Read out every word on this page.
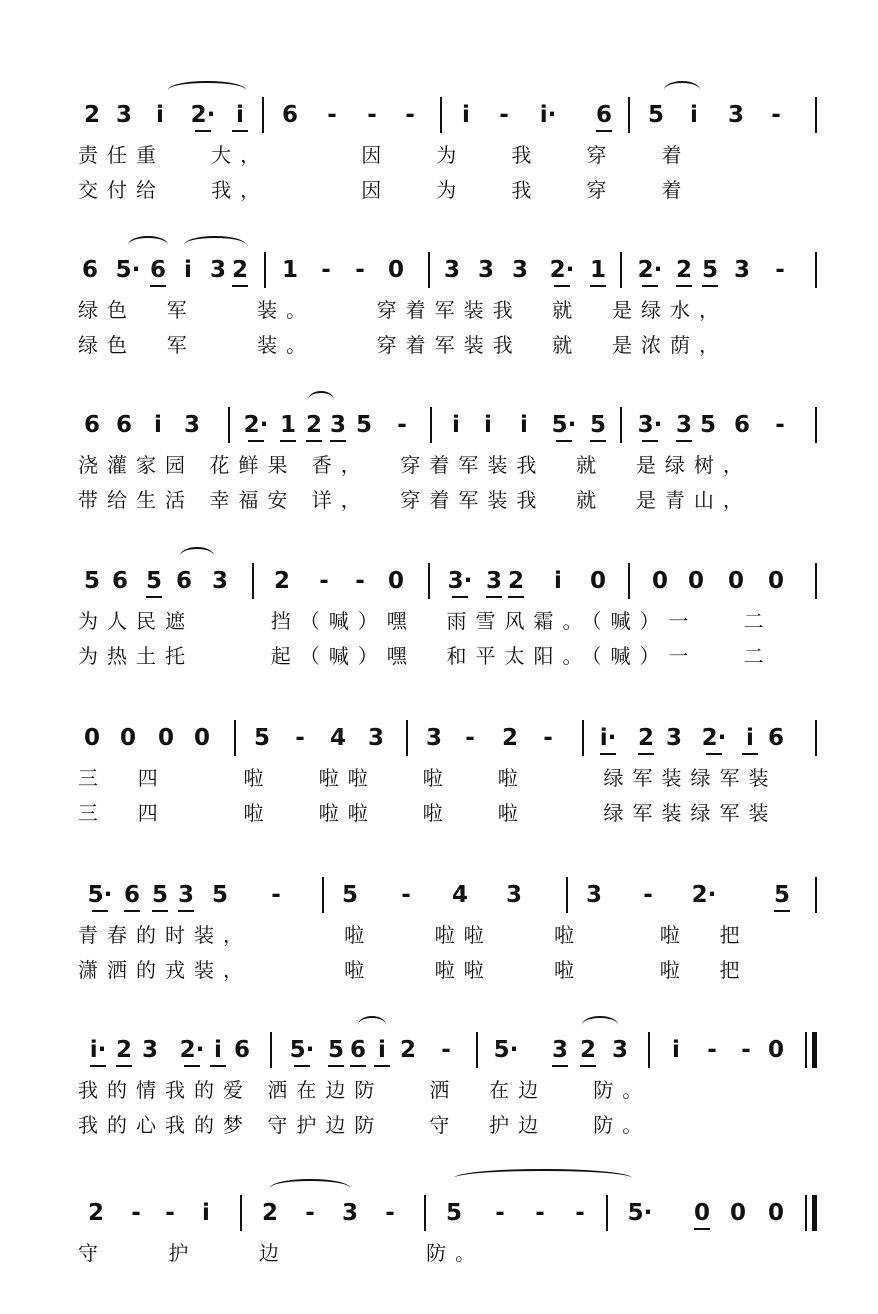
2 3	i	2· i	6	-	-	-	i	-	i·	6	5	i	3	-
责任重   大，      因   为   我   穿   着
交付给   我，      因   为   我   穿   着
6 5· 6 i 3 2	1	-	-	0	3 3 3 2· 1	2· 2 5 3	-
绿色  军    装。    穿着军装我  就  是绿水，
绿色  军    装。    穿着军装我  就  是浓荫，
6 6 i 3	2· 1 2 3 5	-	i	i	i	5· 5	3· 3 5 6	-
浇灌家园 花鲜果 香，  穿着军装我  就  是绿树，
带给生活 幸福安 详，  穿着军装我  就  是青山，
5 6 5 6 3	2	-	-	0	3· 3 2	i	0	0 0	0	0
为人民遮     挡（喊）嘿  雨雪风霜。（喊）一   二
为热土托     起（喊）嘿  和平太阳。（喊）一   二
0 0 0 0	5	-	4 3	3	-	2	-	i· 2 3 2· i 6
三  四     啦   啦啦   啦   啦     绿军装绿军装
三  四     啦   啦啦   啦   啦     绿军装绿军装
5· 6 5 3 5	-	5	-	4	3	3	-	2·	5
青春的时装，      啦    啦啦    啦     啦  把
潇洒的戎装，      啦    啦啦    啦     啦  把
i· 2 3 2· i 6	5· 5 6 i 2	-	5·	3 2 3	i	-	- 0
我的情我的爱 洒在边防   洒  在边   防。
我的心我的梦 守护边防   守  护边   防。
2	-	-	i	2	-	3	-	5	-	-	-	5·	0 0 0
守    护    边         防。
